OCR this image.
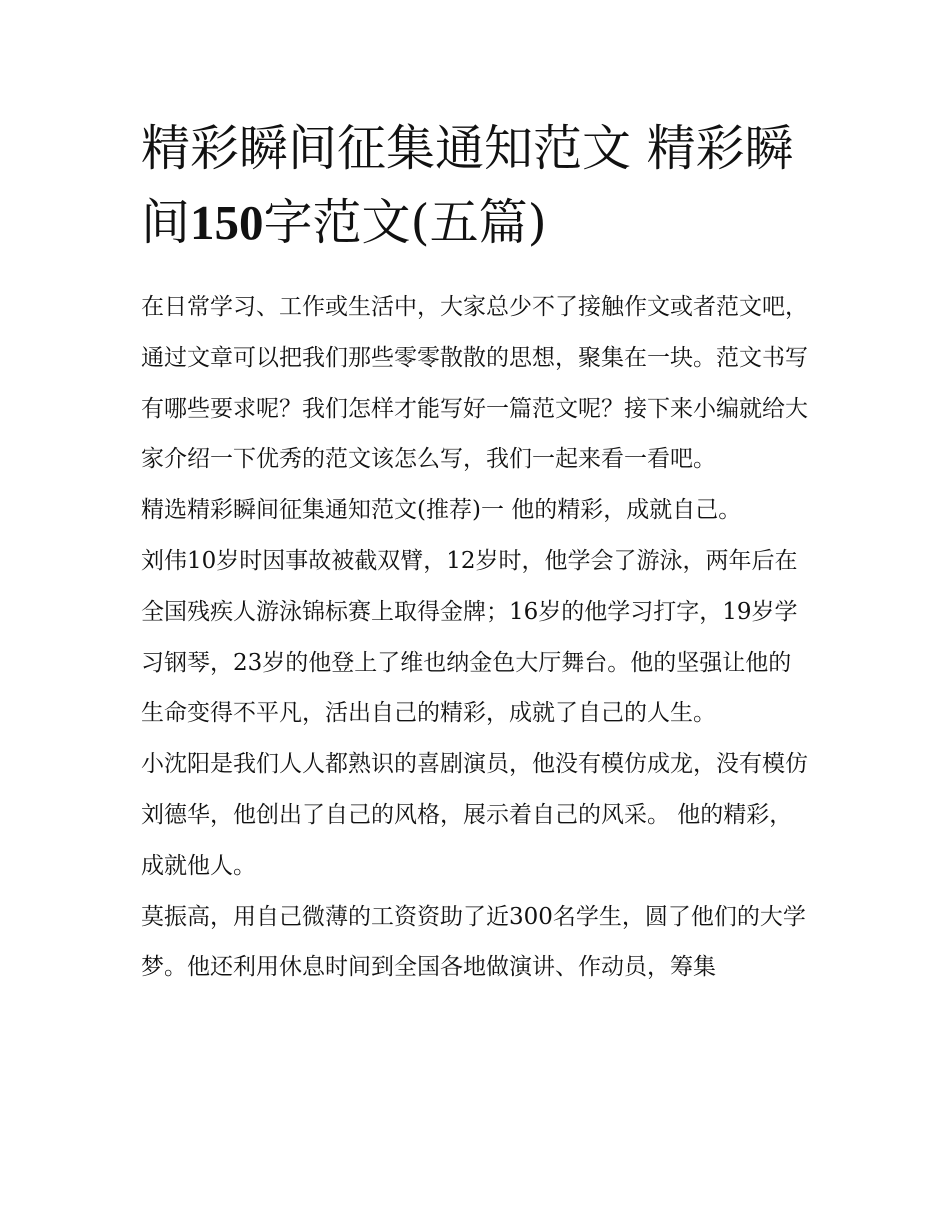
精彩瞬间征集通知范文 精彩瞬间150字范文(五篇)

在日常学习、工作或生活中，大家总少不了接触作文或者范文吧，通过文章可以把我们那些零零散散的思想，聚集在一块。范文书写有哪些要求呢？我们怎样才能写好一篇范文呢？接下来小编就给大家介绍一下优秀的范文该怎么写，我们一起来看一看吧。

精选精彩瞬间征集通知范文(推荐)一 他的精彩，成就自己。

刘伟10岁时因事故被截双臂，12岁时，他学会了游泳，两年后在全国残疾人游泳锦标赛上取得金牌；16岁的他学习打字，19岁学习钢琴，23岁的他登上了维也纳金色大厅舞台。他的坚强让他的生命变得不平凡，活出自己的精彩，成就了自己的人生。

小沈阳是我们人人都熟识的喜剧演员，他没有模仿成龙，没有模仿刘德华，他创出了自己的风格，展示着自己的风采。 他的精彩，成就他人。

莫振高，用自己微薄的工资资助了近300名学生，圆了他们的大学梦。他还利用休息时间到全国各地做演讲、作动员，筹集
